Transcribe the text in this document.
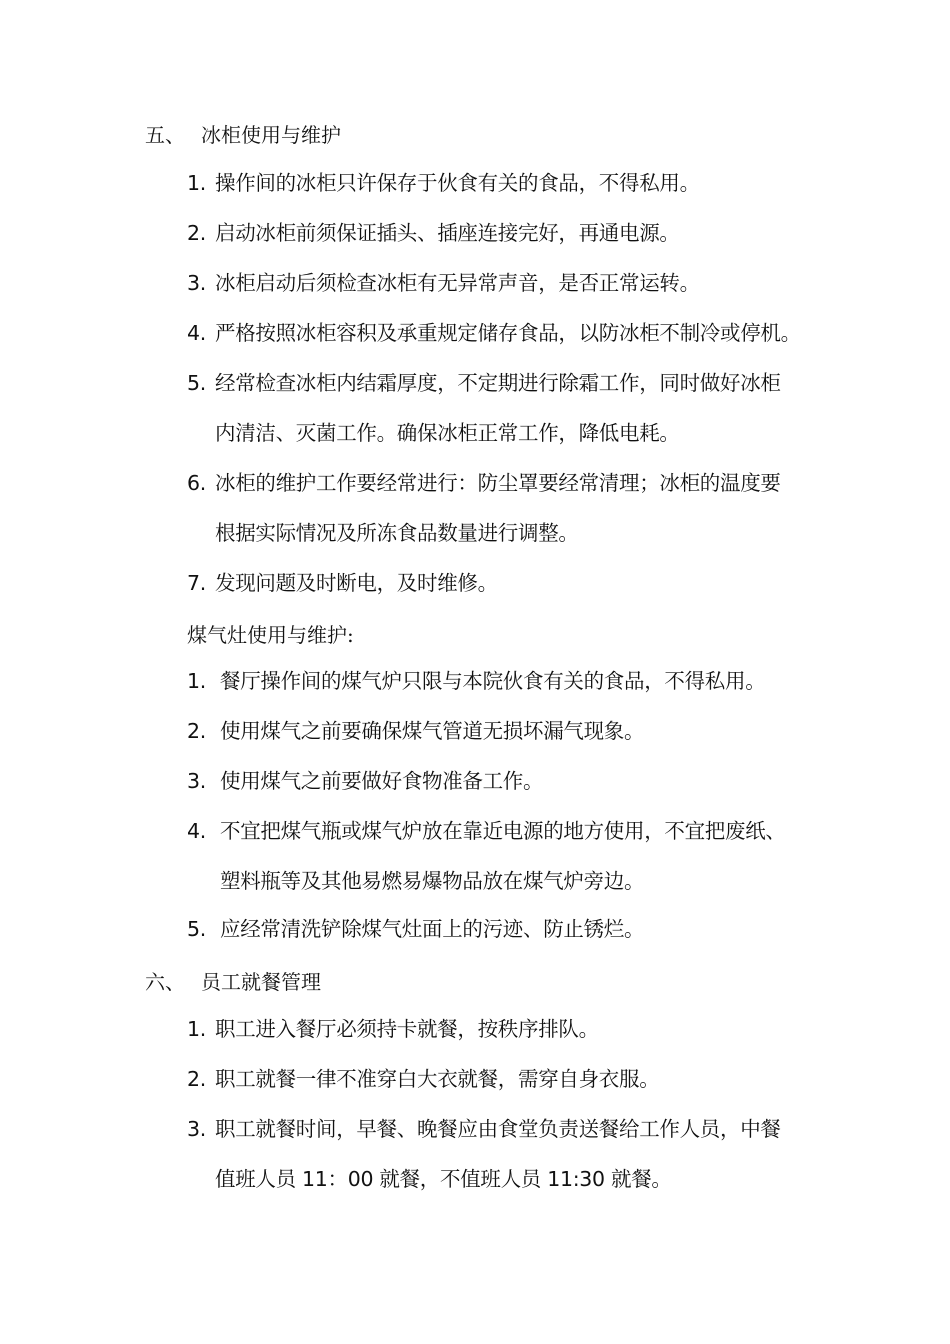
五、 冰柜使用与维护
1. 操作间的冰柜只许保存于伙食有关的食品，不得私用。
2. 启动冰柜前须保证插头、插座连接完好，再通电源。
3. 冰柜启动后须检查冰柜有无异常声音，是否正常运转。
4. 严格按照冰柜容积及承重规定储存食品，以防冰柜不制冷或停机。
5. 经常检查冰柜内结霜厚度，不定期进行除霜工作，同时做好冰柜
内清洁、灭菌工作。确保冰柜正常工作，降低电耗。
6. 冰柜的维护工作要经常进行：防尘罩要经常清理；冰柜的温度要
根据实际情况及所冻食品数量进行调整。
7. 发现问题及时断电，及时维修。
煤气灶使用与维护:
1. 餐厅操作间的煤气炉只限与本院伙食有关的食品，不得私用。
2. 使用煤气之前要确保煤气管道无损坏漏气现象。
3. 使用煤气之前要做好食物准备工作。
4. 不宜把煤气瓶或煤气炉放在靠近电源的地方使用，不宜把废纸、
塑料瓶等及其他易燃易爆物品放在煤气炉旁边。
5. 应经常清洗铲除煤气灶面上的污迹、防止锈烂。
六、 员工就餐管理
1. 职工进入餐厅必须持卡就餐，按秩序排队。
2. 职工就餐一律不准穿白大衣就餐，需穿自身衣服。
3. 职工就餐时间，早餐、晚餐应由食堂负责送餐给工作人员，中餐
值班人员 11：00 就餐，不值班人员 11:30 就餐。
